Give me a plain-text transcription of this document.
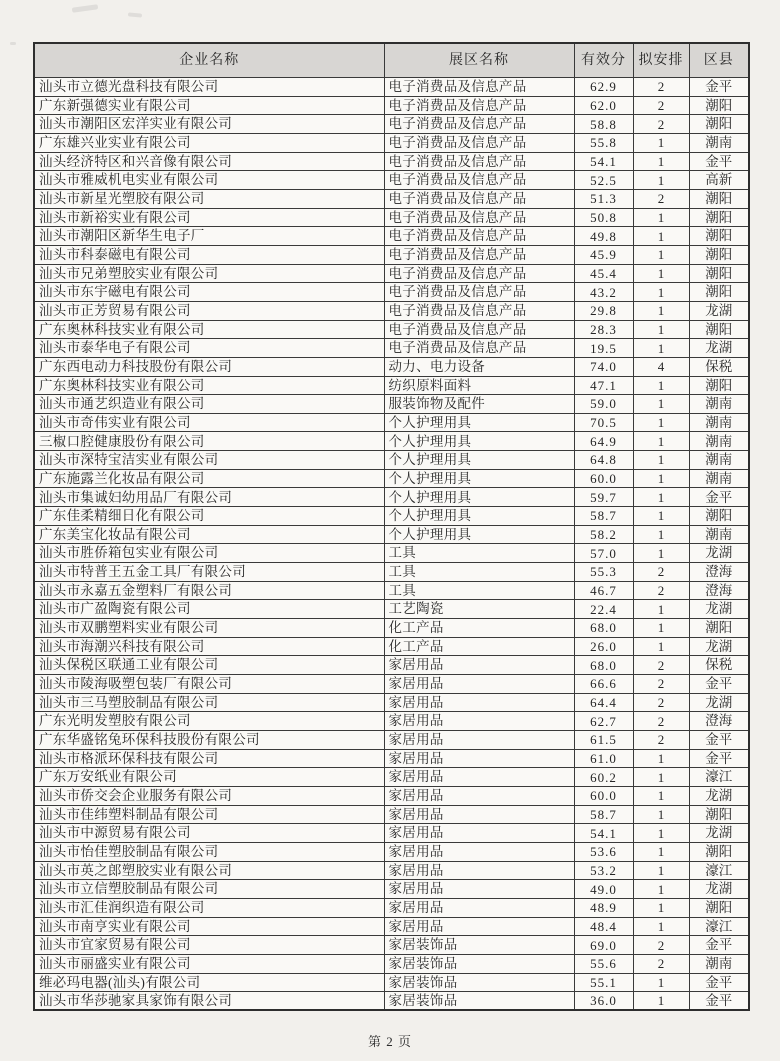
企业名称	展区名称	有效分	拟安排	区县
汕头市立德光盘科技有限公司	电子消费品及信息产品	62.9	2	金平
广东新强德实业有限公司	电子消费品及信息产品	62.0	2	潮阳
汕头市潮阳区宏洋实业有限公司	电子消费品及信息产品	58.8	2	潮阳
广东雄兴业实业有限公司	电子消费品及信息产品	55.8	1	潮南
汕头经济特区和兴音像有限公司	电子消费品及信息产品	54.1	1	金平
汕头市雅威机电实业有限公司	电子消费品及信息产品	52.5	1	高新
汕头市新星光塑胶有限公司	电子消费品及信息产品	51.3	2	潮阳
汕头市新裕实业有限公司	电子消费品及信息产品	50.8	1	潮阳
汕头市潮阳区新华生电子厂	电子消费品及信息产品	49.8	1	潮阳
汕头市科泰磁电有限公司	电子消费品及信息产品	45.9	1	潮阳
汕头市兄弟塑胶实业有限公司	电子消费品及信息产品	45.4	1	潮阳
汕头市东宇磁电有限公司	电子消费品及信息产品	43.2	1	潮阳
汕头市正芳贸易有限公司	电子消费品及信息产品	29.8	1	龙湖
广东奥林科技实业有限公司	电子消费品及信息产品	28.3	1	潮阳
汕头市泰华电子有限公司	电子消费品及信息产品	19.5	1	龙湖
广东西电动力科技股份有限公司	动力、电力设备	74.0	4	保税
广东奥林科技实业有限公司	纺织原料面料	47.1	1	潮阳
汕头市通艺织造业有限公司	服装饰物及配件	59.0	1	潮南
汕头市奇伟实业有限公司	个人护理用具	70.5	1	潮南
三椒口腔健康股份有限公司	个人护理用具	64.9	1	潮南
汕头市深特宝洁实业有限公司	个人护理用具	64.8	1	潮南
广东施露兰化妆品有限公司	个人护理用具	60.0	1	潮南
汕头市集诚妇幼用品厂有限公司	个人护理用具	59.7	1	金平
广东佳柔精细日化有限公司	个人护理用具	58.7	1	潮阳
广东美宝化妆品有限公司	个人护理用具	58.2	1	潮南
汕头市胜侨箱包实业有限公司	工具	57.0	1	龙湖
汕头市特普王五金工具厂有限公司	工具	55.3	2	澄海
汕头市永嘉五金塑料厂有限公司	工具	46.7	2	澄海
汕头市广盈陶瓷有限公司	工艺陶瓷	22.4	1	龙湖
汕头市双鹏塑料实业有限公司	化工产品	68.0	1	潮阳
汕头市海潮兴科技有限公司	化工产品	26.0	1	龙湖
汕头保税区联通工业有限公司	家居用品	68.0	2	保税
汕头市陵海吸塑包装厂有限公司	家居用品	66.6	2	金平
汕头市三马塑胶制品有限公司	家居用品	64.4	2	龙湖
广东光明发塑胶有限公司	家居用品	62.7	2	澄海
广东华盛铭兔环保科技股份有限公司	家居用品	61.5	2	金平
汕头市格派环保科技有限公司	家居用品	61.0	1	金平
广东万安纸业有限公司	家居用品	60.2	1	濠江
汕头市侨交会企业服务有限公司	家居用品	60.0	1	龙湖
汕头市佳纬塑料制品有限公司	家居用品	58.7	1	潮阳
汕头市中源贸易有限公司	家居用品	54.1	1	龙湖
汕头市怡佳塑胶制品有限公司	家居用品	53.6	1	潮阳
汕头市英之郎塑胶实业有限公司	家居用品	53.2	1	濠江
汕头市立信塑胶制品有限公司	家居用品	49.0	1	龙湖
汕头市汇佳润织造有限公司	家居用品	48.9	1	潮阳
汕头市南亨实业有限公司	家居用品	48.4	1	濠江
汕头市宜家贸易有限公司	家居装饰品	69.0	2	金平
汕头市丽盛实业有限公司	家居装饰品	55.6	2	潮南
维必玛电器(汕头)有限公司	家居装饰品	55.1	1	金平
汕头市华莎驰家具家饰有限公司	家居装饰品	36.0	1	金平
第 2 页
